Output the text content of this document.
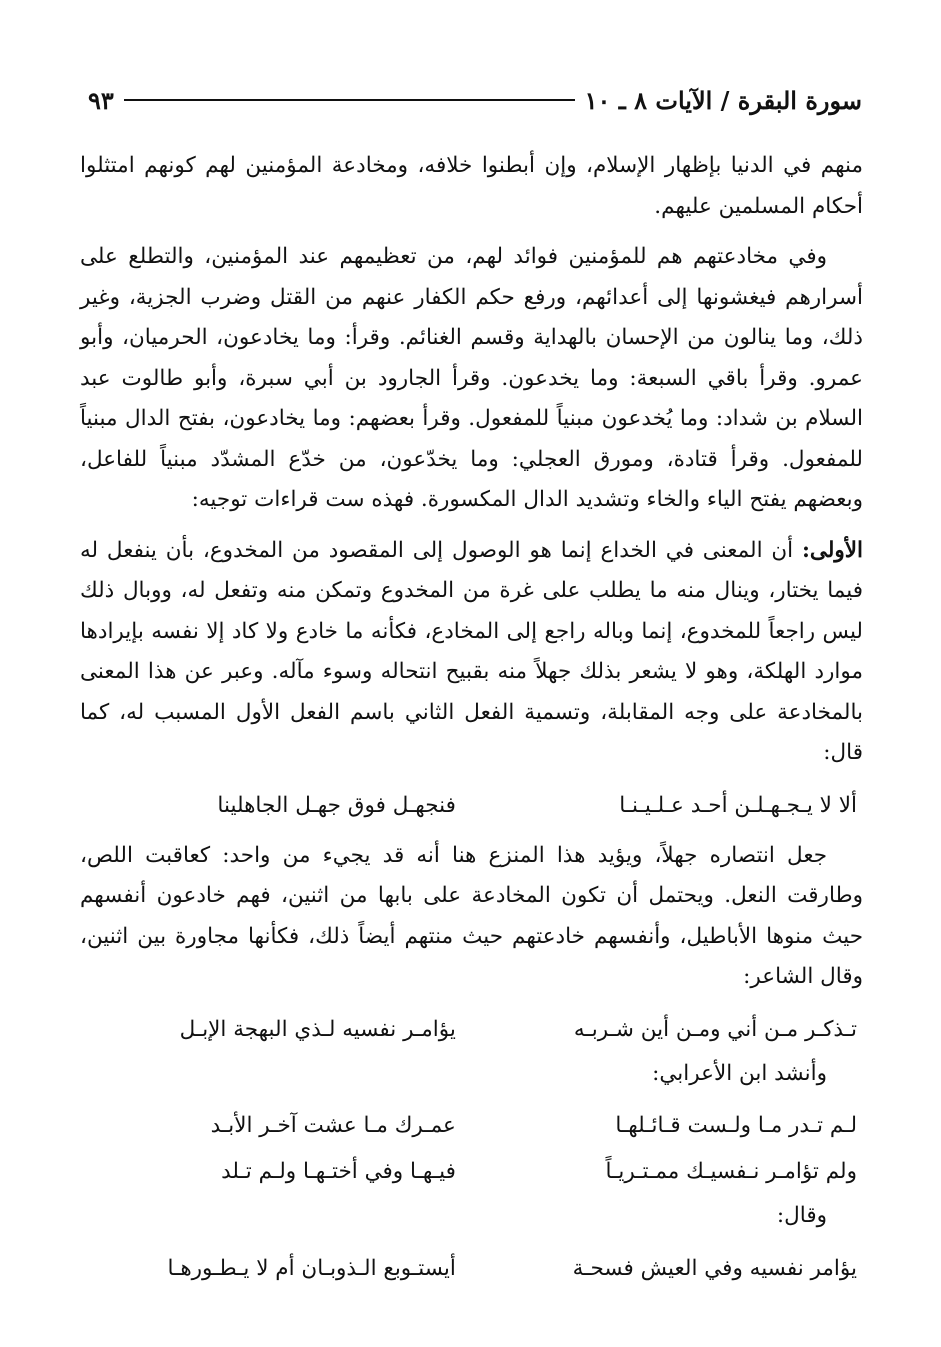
سورة البقرة / الآيات ٨ ـ ١٠
٩٣

منهم في الدنيا بإظهار الإسلام، وإن أبطنوا خلافه، ومخادعة المؤمنين لهم كونهم امتثلوا أحكام المسلمين عليهم.

وفي مخادعتهم هم للمؤمنين فوائد لهم، من تعظيمهم عند المؤمنين، والتطلع على أسرارهم فيغشونها إلى أعدائهم، ورفع حكم الكفار عنهم من القتل وضرب الجزية، وغير ذلك، وما ينالون من الإحسان بالهداية وقسم الغنائم. وقرأ: وما يخادعون، الحرميان، وأبو عمرو. وقرأ باقي السبعة: وما يخدعون. وقرأ الجارود بن أبي سبرة، وأبو طالوت عبد السلام بن شداد: وما يُخدعون مبنياً للمفعول. وقرأ بعضهم: وما يخادعون، بفتح الدال مبنياً للمفعول. وقرأ قتادة، ومورق العجلي: وما يخدّعون، من خدّع المشدّد مبنياً للفاعل، وبعضهم يفتح الياء والخاء وتشديد الدال المكسورة. فهذه ست قراءات توجيه:

الأولى: أن المعنى في الخداع إنما هو الوصول إلى المقصود من المخدوع، بأن ينفعل له فيما يختار، وينال منه ما يطلب على غرة من المخدوع وتمكن منه وتفعل له، ووبال ذلك ليس راجعاً للمخدوع، إنما وباله راجع إلى المخادع، فكأنه ما خادع ولا كاد إلا نفسه بإيرادها موارد الهلكة، وهو لا يشعر بذلك جهلاً منه بقبيح انتحاله وسوء مآله. وعبر عن هذا المعنى بالمخادعة على وجه المقابلة، وتسمية الفعل الثاني باسم الفعل الأول المسبب له، كما قال:

ألا لا يـجـهـلـن أحـد عـلـيـنـا
فنجهـل فوق جهـل الجاهلينا

جعل انتصاره جهلاً، ويؤيد هذا المنزع هنا أنه قد يجيء من واحد: كعاقبت اللص، وطارقت النعل. ويحتمل أن تكون المخادعة على بابها من اثنين، فهم خادعون أنفسهم حيث منوها الأباطيل، وأنفسهم خادعتهم حيث منتهم أيضاً ذلك، فكأنها مجاورة بين اثنين، وقال الشاعر:

تـذكـر مـن أني ومـن أين شـربـه
يؤامـر نفسيه لـذي البهجة الإبـل

وأنشد ابن الأعرابي:

لـم تـدر مـا ولـست قـائـلهـا
عمـرك مـا عشت آخـر الأبـد
ولم تؤامـر نـفسيـك ممـتـريـاً
فيـهـا وفي أختـهـا ولـم تـلد

وقال:

يؤامر نفسيه وفي العيش فسحـة
أيستـوبع الـذوبـان أم لا يـطـورهـا
